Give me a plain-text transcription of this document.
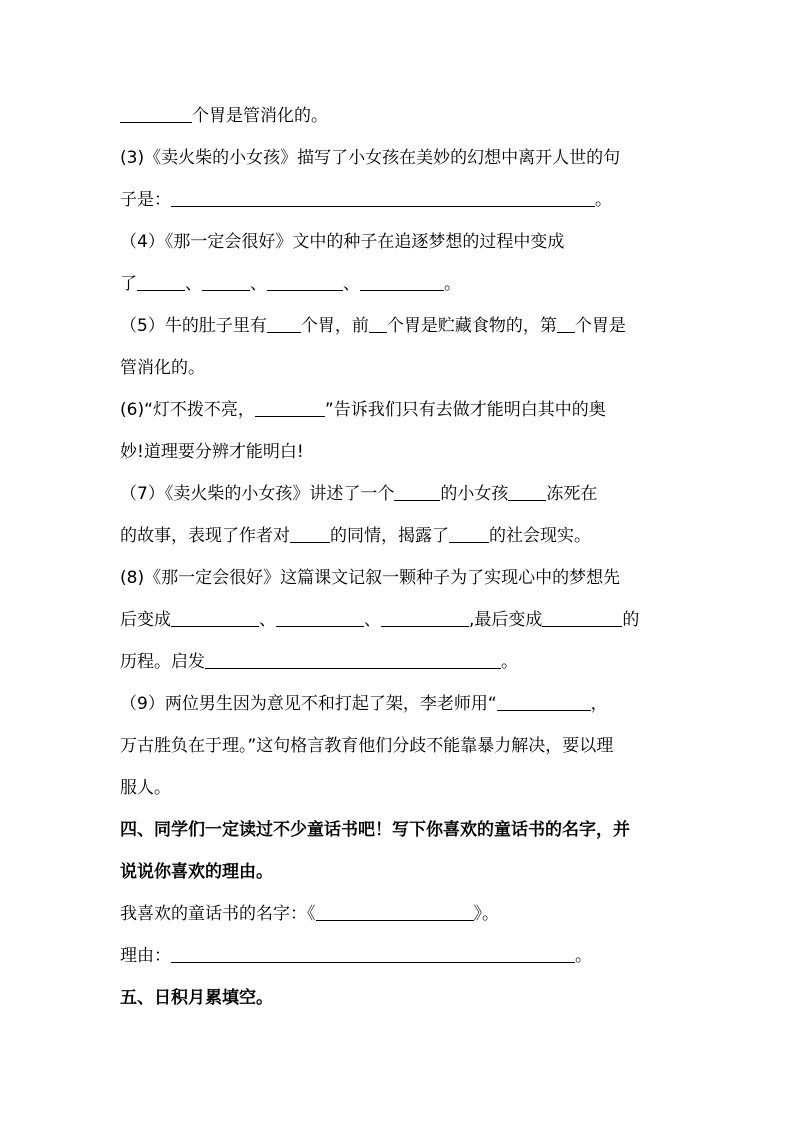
个胃是管消化的。
(3)《卖火柴的小女孩》描写了小女孩在美妙的幻想中离开人世的句
子是：	。
（4）《那一定会很好》文中的种子在追逐梦想的过程中变成
了	、	、	、	。
（5）牛的肚子里有 个胃，前 个胃是贮藏食物的，第 个胃是
管消化的。
(6)“灯不拨不亮，	”告诉我们只有去做才能明白其中的奥
妙!道理要分辨才能明白!
（7）《卖火柴的小女孩》讲述了一个	的小女孩 冻死在
的故事，表现了作者对 的同情，揭露了 的社会现实。
(8)《那一定会很好》这篇课文记叙一颗种子为了实现心中的梦想先
后变成	、	、	,最后变成	的
历程。启发	。
（9）两位男生因为意见不和打起了架，李老师用“	，
万古胜负在于理。”这句格言教育他们分歧不能靠暴力解决，要以理
服人。
四、同学们一定读过不少童话书吧！写下你喜欢的童话书的名字，并
说说你喜欢的理由。
我喜欢的童话书的名字：《	》。
理由：	。
五、日积月累填空。
